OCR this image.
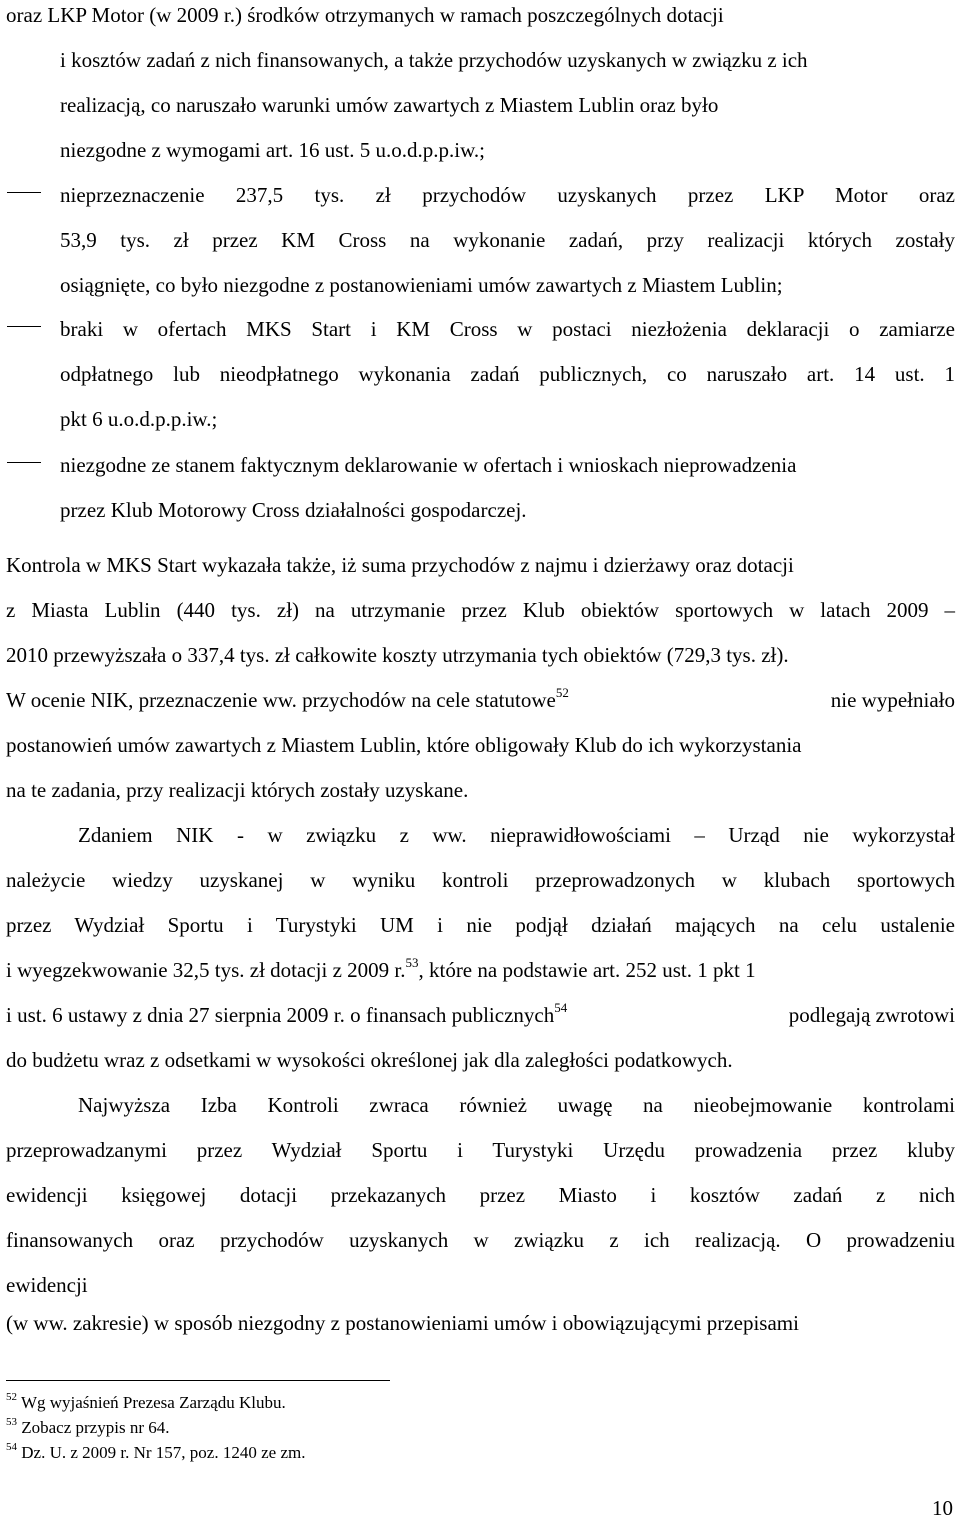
oraz LKP Motor (w 2009 r.) środków otrzymanych w ramach poszczególnych dotacji
i kosztów zadań z nich finansowanych, a także przychodów uzyskanych w związku z ich
realizacją, co naruszało warunki umów zawartych z Miastem Lublin oraz było
niezgodne z wymogami art. 16 ust. 5 u.o.d.p.p.iw.;
nieprzeznaczenie 237,5 tys. zł przychodów uzyskanych przez LKP Motor oraz
53,9 tys. zł przez KM Cross na wykonanie zadań, przy realizacji których zostały
osiągnięte, co było niezgodne z postanowieniami umów zawartych z Miastem Lublin;
braki w ofertach MKS Start i KM Cross w postaci niezłożenia deklaracji o zamiarze
odpłatnego lub nieodpłatnego wykonania zadań publicznych, co naruszało art. 14 ust. 1
pkt 6 u.o.d.p.p.iw.;
niezgodne ze stanem faktycznym deklarowanie w ofertach i wnioskach nieprowadzenia
przez Klub Motorowy Cross działalności gospodarczej.
Kontrola w MKS Start wykazała także, iż suma przychodów z najmu i dzierżawy oraz dotacji
z Miasta Lublin (440 tys. zł) na utrzymanie przez Klub obiektów sportowych w latach 2009 –
2010 przewyższała o 337,4 tys. zł całkowite koszty utrzymania tych obiektów (729,3 tys. zł).
W ocenie NIK, przeznaczenie ww. przychodów na cele statutowe$^{52}$	nie wypełniało
postanowień umów zawartych z Miastem Lublin, które obligowały Klub do ich wykorzystania
na te zadania, przy realizacji których zostały uzyskane.
Zdaniem NIK - w związku z ww. nieprawidłowościami – Urząd nie wykorzystał
należycie wiedzy uzyskanej w wyniku kontroli przeprowadzonych w klubach sportowych
przez Wydział Sportu i Turystyki UM i nie podjął działań mających na celu ustalenie
i wyegzekwowanie 32,5 tys. zł dotacji z 2009 r.$^{53}$, które na podstawie art. 252 ust. 1 pkt 1
i ust. 6 ustawy z dnia 27 sierpnia 2009 r. o finansach publicznych$^{54}$	podlegają zwrotowi
do budżetu wraz z odsetkami w wysokości określonej jak dla zaległości podatkowych.
Najwyższa Izba Kontroli zwraca również uwagę na nieobejmowanie kontrolami
przeprowadzanymi przez Wydział Sportu i Turystyki Urzędu prowadzenia przez kluby
ewidencji księgowej dotacji przekazanych przez Miasto i kosztów zadań z nich
finansowanych oraz przychodów uzyskanych w związku z ich realizacją. O prowadzeniu
ewidencji
(w ww. zakresie) w sposób niezgodny z postanowieniami umów i obowiązującymi przepisami
$^{52}$ Wg wyjaśnień Prezesa Zarządu Klubu.
$^{53}$ Zobacz przypis nr 64.
$^{54}$ Dz. U. z 2009 r. Nr 157, poz. 1240 ze zm.
10
